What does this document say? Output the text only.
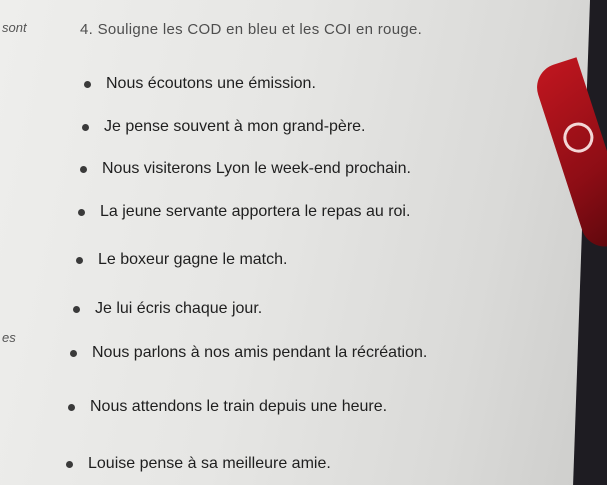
sont
es
4. Souligne les COD en bleu et les COI en rouge.
Nous écoutons une émission.
Je pense souvent à mon grand-père.
Nous visiterons Lyon le week-end prochain.
La jeune servante apportera le repas au roi.
Le boxeur gagne le match.
Je lui écris chaque jour.
Nous parlons à nos amis pendant la récréation.
Nous attendons le train depuis une heure.
Louise pense à sa meilleure amie.
